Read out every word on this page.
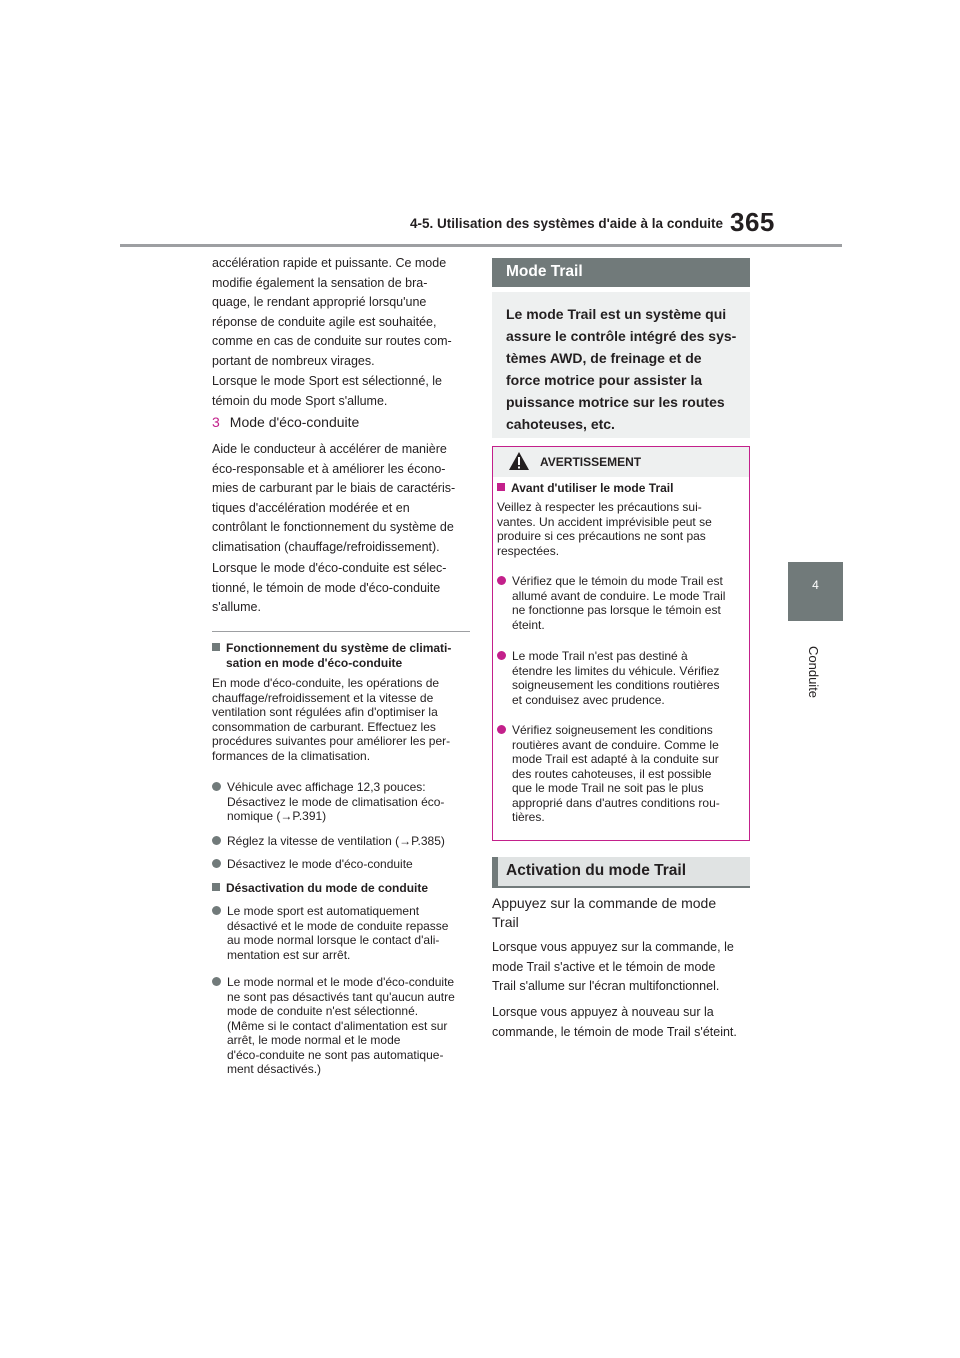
4-5. Utilisation des systèmes d'aide à la conduite 365
4
Conduite

accélération rapide et puissante. Ce mode
modifie également la sensation de bra-
quage, le rendant approprié lorsqu'une
réponse de conduite agile est souhaitée,
comme en cas de conduite sur routes com-
portant de nombreux virages.

Lorsque le mode Sport est sélectionné, le
témoin du mode Sport s'allume.

3 Mode d'éco-conduite

Aide le conducteur à accélérer de manière
éco-responsable et à améliorer les écono-
mies de carburant par le biais de caractéris-
tiques d'accélération modérée et en
contrôlant le fonctionnement du système de
climatisation (chauffage/refroidissement).

Lorsque le mode d'éco-conduite est sélec-
tionné, le témoin de mode d'éco-conduite
s'allume.

Fonctionnement du système de climati-
sation en mode d'éco-conduite
En mode d'éco-conduite, les opérations de
chauffage/refroidissement et la vitesse de
ventilation sont régulées afin d'optimiser la
consommation de carburant. Effectuez les
procédures suivantes pour améliorer les per-
formances de la climatisation.
Véhicule avec affichage 12,3 pouces:
Désactivez le mode de climatisation éco-
nomique (→P.391)
Réglez la vitesse de ventilation (→P.385)
Désactivez le mode d'éco-conduite
Désactivation du mode de conduite
Le mode sport est automatiquement
désactivé et le mode de conduite repasse
au mode normal lorsque le contact d'ali-
mentation est sur arrêt.
Le mode normal et le mode d'éco-conduite
ne sont pas désactivés tant qu'aucun autre
mode de conduite n'est sélectionné.
(Même si le contact d'alimentation est sur
arrêt, le mode normal et le mode
d'éco-conduite ne sont pas automatique-
ment désactivés.)
Mode Trail
Le mode Trail est un système qui
assure le contrôle intégré des sys-
tèmes AWD, de freinage et de
force motrice pour assister la
puissance motrice sur les routes
cahoteuses, etc.
AVERTISSEMENT
Avant d'utiliser le mode Trail
Veillez à respecter les précautions sui-
vantes. Un accident imprévisible peut se
produire si ces précautions ne sont pas
respectées.
Vérifiez que le témoin du mode Trail est
allumé avant de conduire. Le mode Trail
ne fonctionne pas lorsque le témoin est
éteint.
Le mode Trail n'est pas destiné à
étendre les limites du véhicule. Vérifiez
soigneusement les conditions routières
et conduisez avec prudence.
Vérifiez soigneusement les conditions
routières avant de conduire. Comme le
mode Trail est adapté à la conduite sur
des routes cahoteuses, il est possible
que le mode Trail ne soit pas le plus
approprié dans d'autres conditions rou-
tières.
Activation du mode Trail
Appuyez sur la commande de mode
Trail

Lorsque vous appuyez sur la commande, le
mode Trail s'active et le témoin de mode
Trail s'allume sur l'écran multifonctionnel.

Lorsque vous appuyez à nouveau sur la
commande, le témoin de mode Trail s'éteint.
